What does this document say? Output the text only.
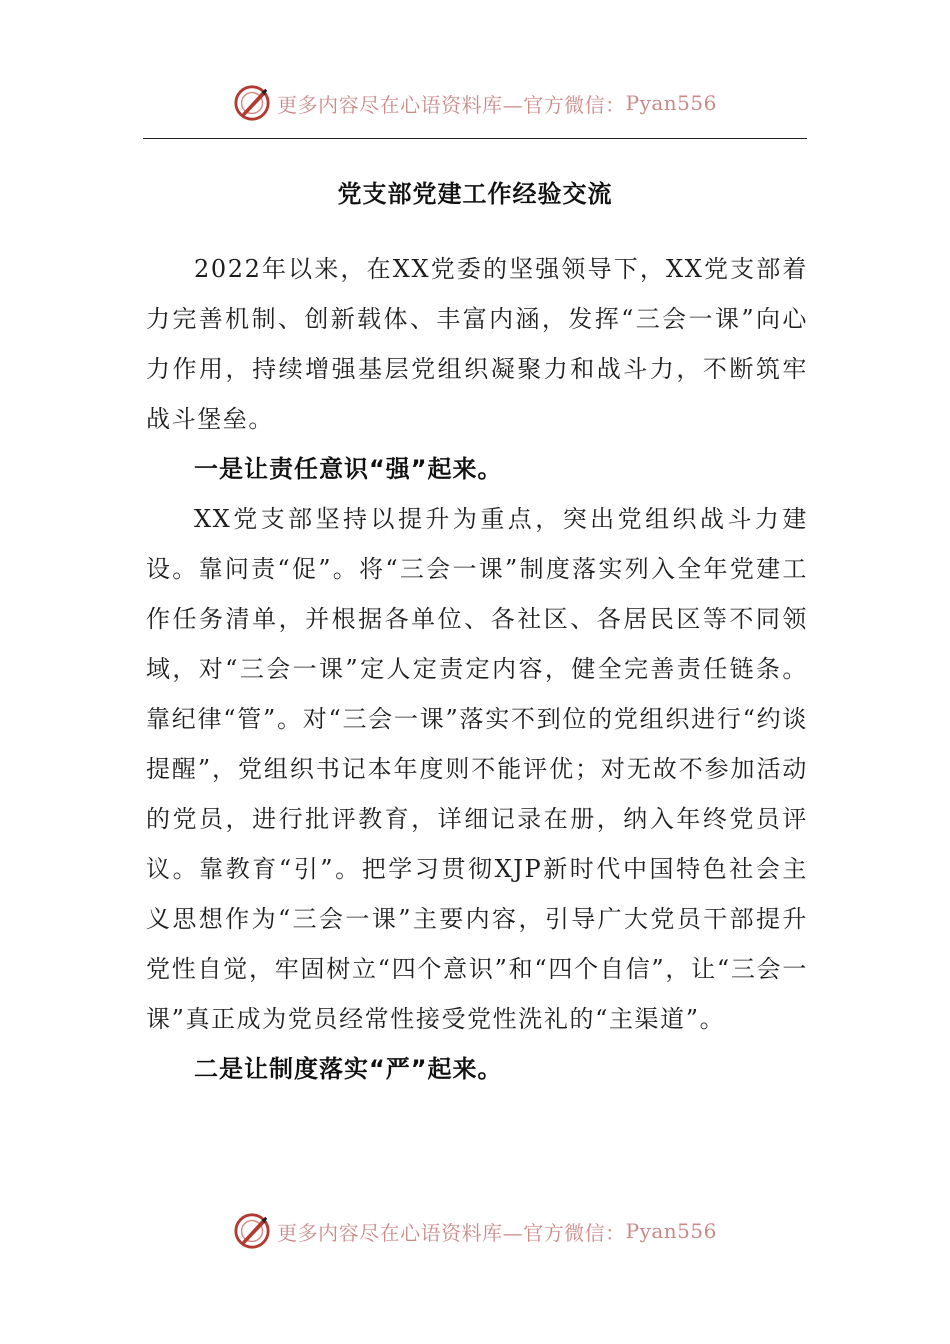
更多内容尽在心语资料库—官方微信： Pyan556
党支部党建工作经验交流

2022年以来，在XX党委的坚强领导下，XX党支部着力完善机制、创新载体、丰富内涵，发挥“三会一课”向心力作用，持续增强基层党组织凝聚力和战斗力，不断筑牢战斗堡垒。

一是让责任意识“强”起来。

XX党支部坚持以提升为重点，突出党组织战斗力建设。靠问责“促”。将“三会一课”制度落实列入全年党建工作任务清单，并根据各单位、各社区、各居民区等不同领域，对“三会一课”定人定责定内容，健全完善责任链条。靠纪律“管”。对“三会一课”落实不到位的党组织进行“约谈提醒”，党组织书记本年度则不能评优；对无故不参加活动的党员，进行批评教育，详细记录在册，纳入年终党员评议。靠教育“引”。把学习贯彻XJP新时代中国特色社会主义思想作为“三会一课”主要内容，引导广大党员干部提升党性自觉，牢固树立“四个意识”和“四个自信”，让“三会一课”真正成为党员经常性接受党性洗礼的“主渠道”。

二是让制度落实“严”起来。

更多内容尽在心语资料库—官方微信： Pyan556
